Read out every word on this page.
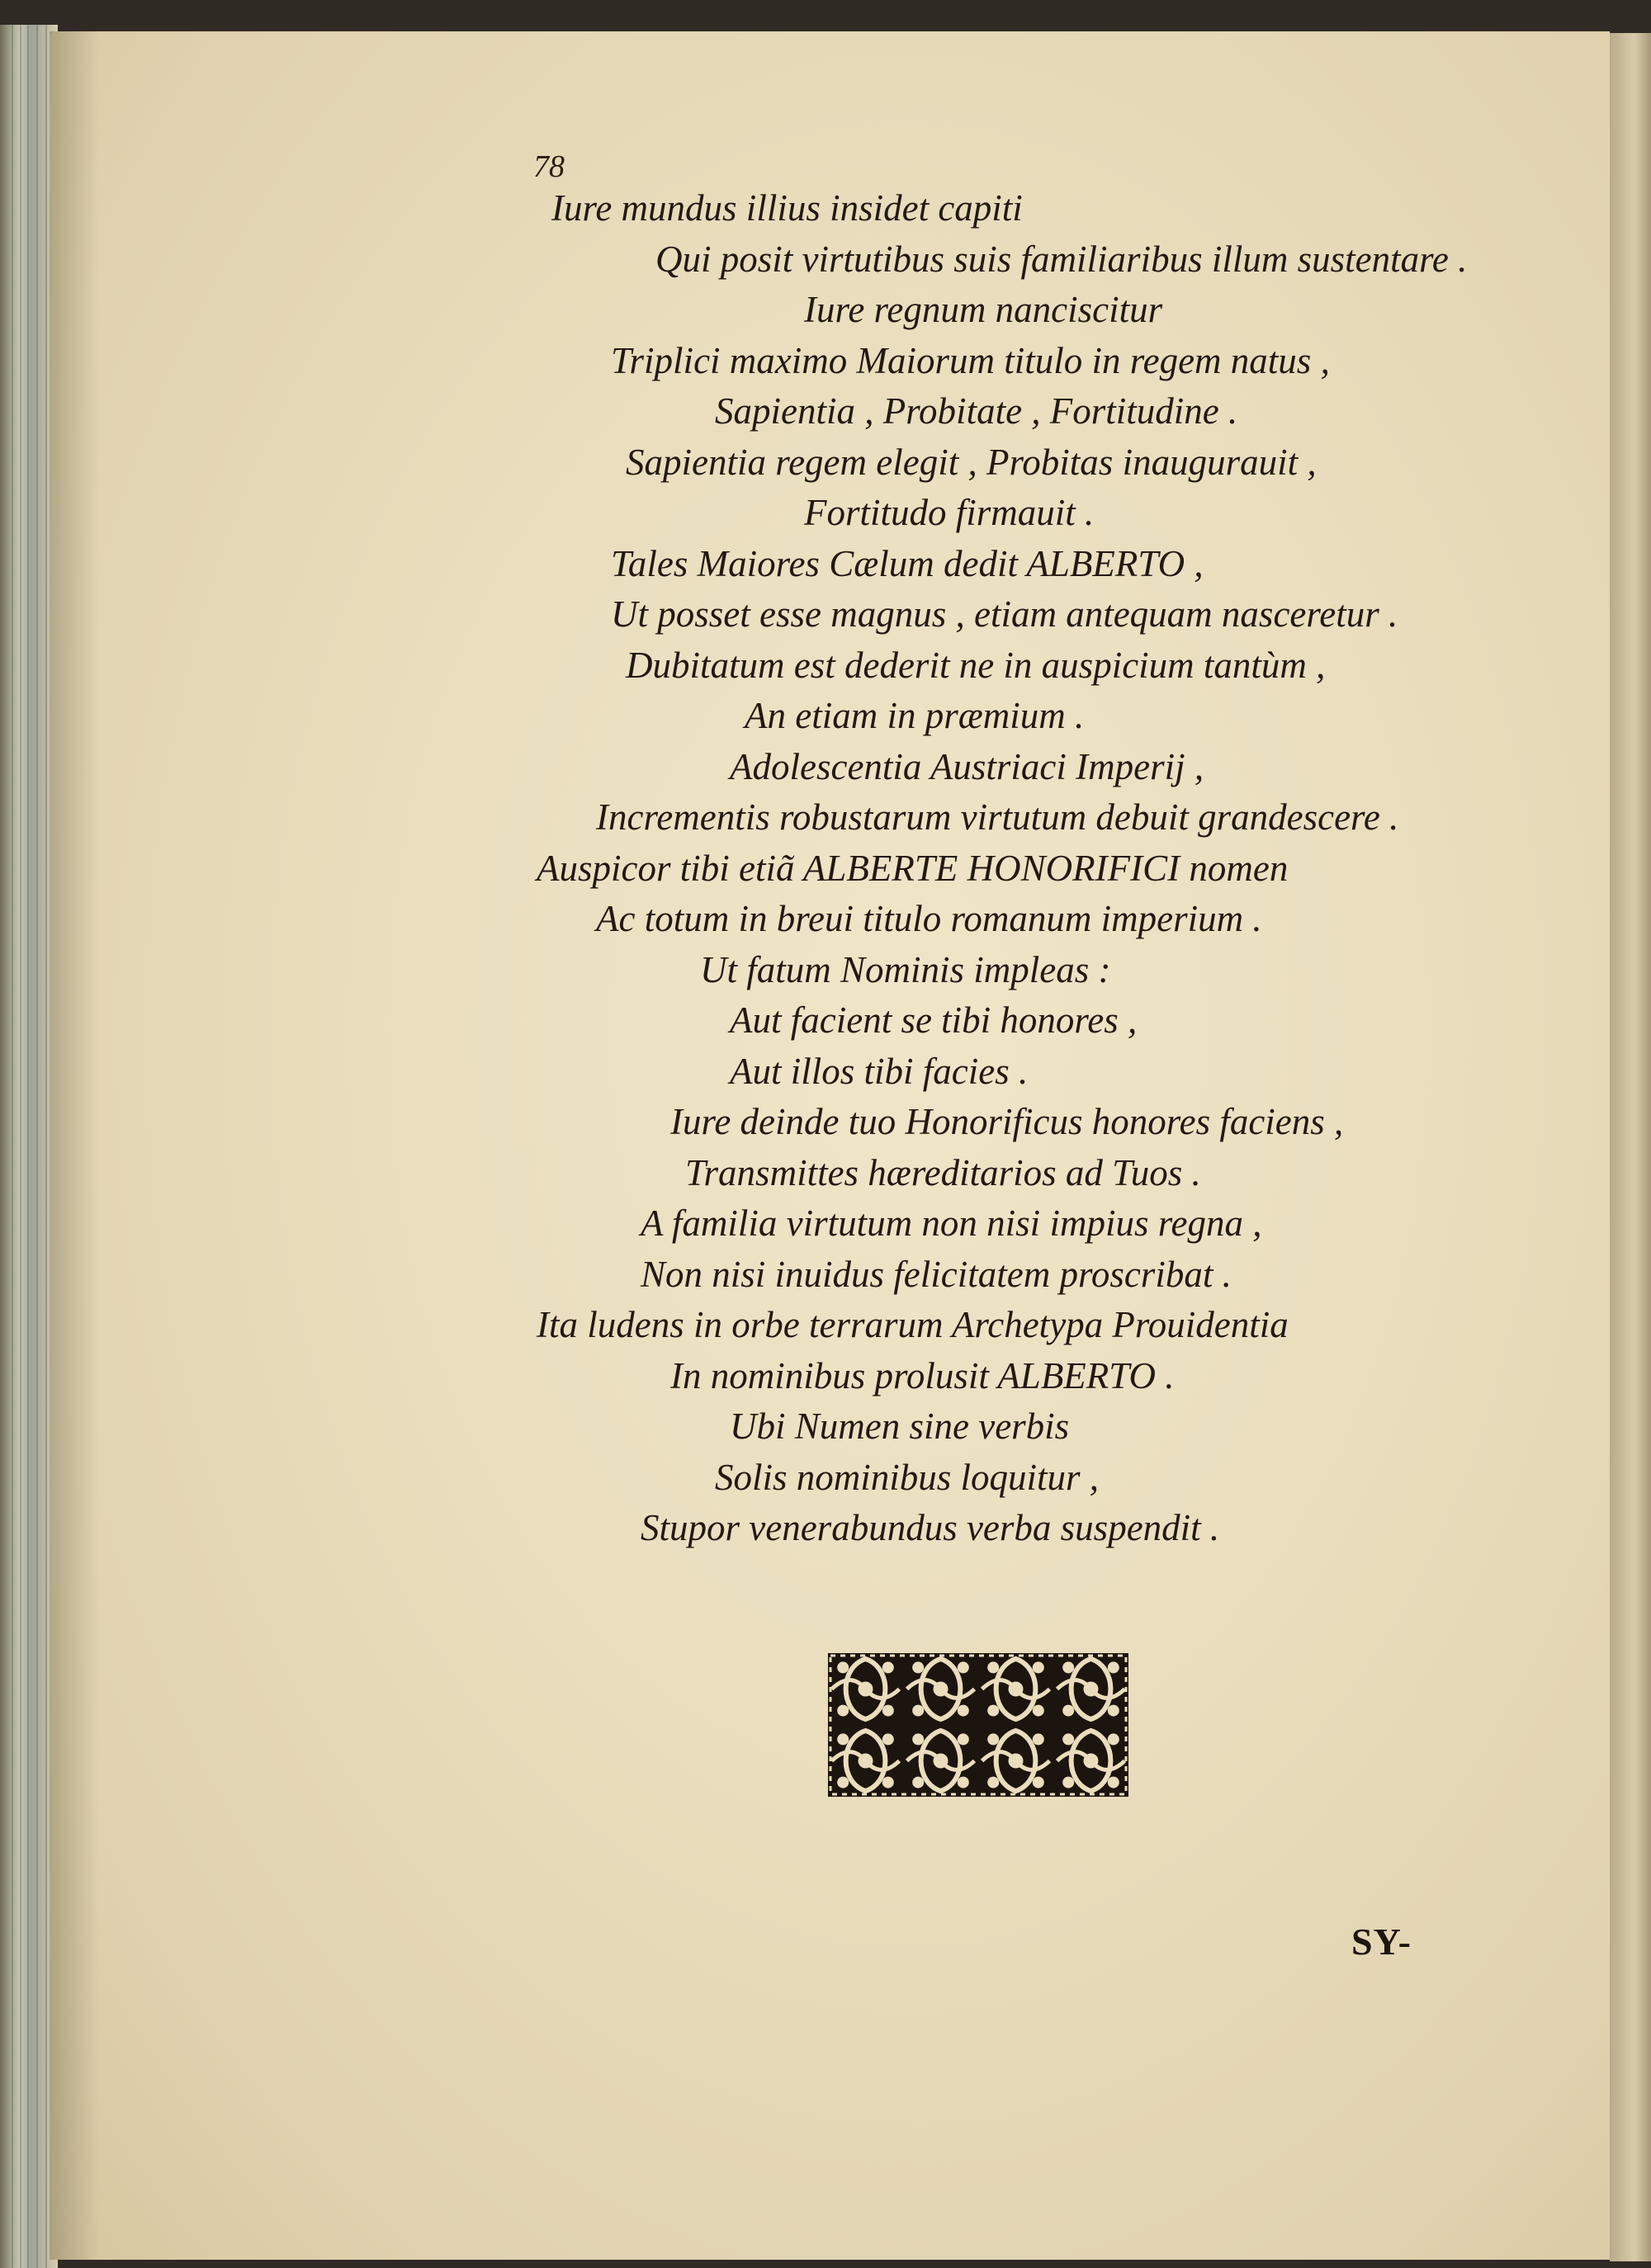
78
Iure mundus illius insidet capiti
Qui posit virtutibus suis familiaribus illum sustentare .
Iure regnum nanciscitur
Triplici maximo Maiorum titulo in regem natus ,
Sapientia , Probitate , Fortitudine .
Sapientia regem elegit , Probitas inaugurauit ,
Fortitudo firmauit .
Tales Maiores Cælum dedit ALBERTO ,
Ut posset esse magnus , etiam antequam nasceretur .
Dubitatum est dederit ne in auspicium tantùm ,
An etiam in præmium .
Adolescentia Austriaci Imperij ,
Incrementis robustarum virtutum debuit grandescere .
Auspicor tibi etiã ALBERTE HONORIFICI nomen
Ac totum in breui titulo romanum imperium .
Ut fatum Nominis impleas :
Aut facient se tibi honores ,
Aut illos tibi facies .
Iure deinde tuo Honorificus honores faciens ,
Transmittes hæreditarios ad Tuos .
A familia virtutum non nisi impius regna ,
Non nisi inuidus felicitatem proscribat .
Ita ludens in orbe terrarum Archetypa Prouidentia
In nominibus prolusit ALBERTO .
Ubi Numen sine verbis
Solis nominibus loquitur ,
Stupor venerabundus verba suspendit .
SY-
